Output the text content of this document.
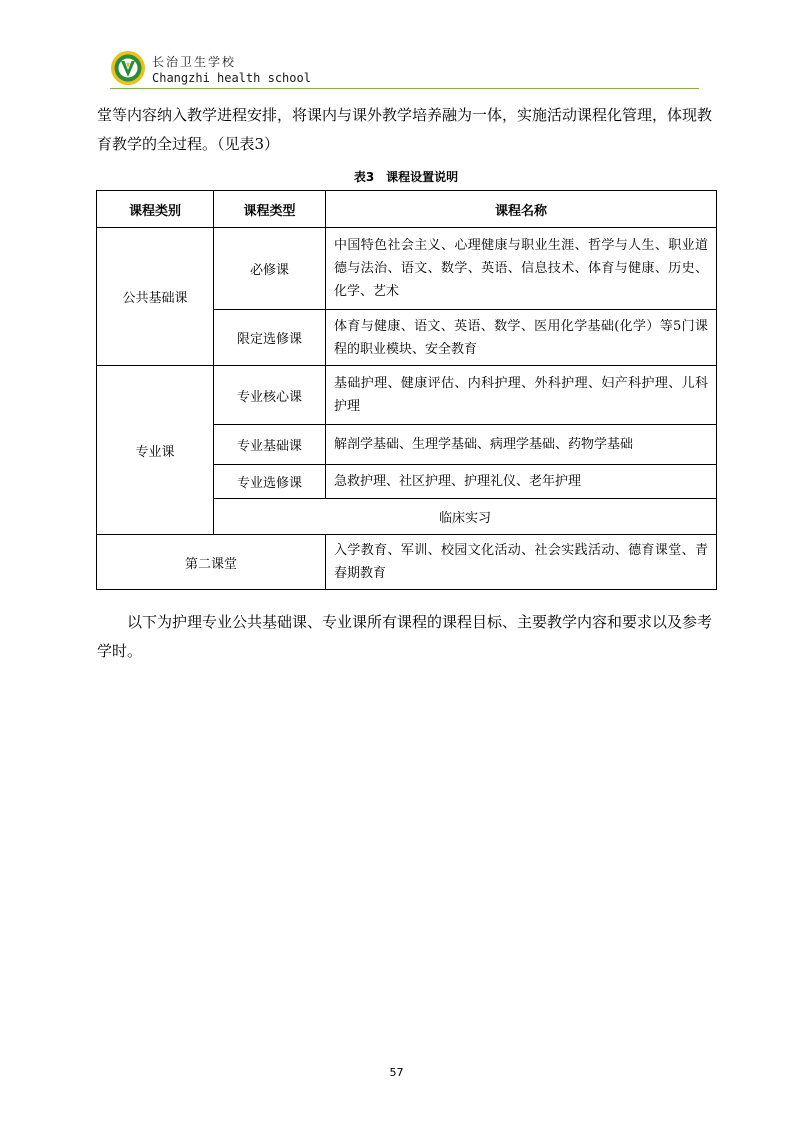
长治卫生学校
Changzhi health school

堂等内容纳入教学进程安排，将课内与课外教学培养融为一体，实施活动课程化管理，体现教育教学的全过程。（见表3）

表3　课程设置说明
课程类别	课程类型	课程名称
公共基础课	必修课	中国特色社会主义、心理健康与职业生涯、哲学与人生、职业道德与法治、语文、数学、英语、信息技术、体育与健康、历史、化学、艺术
	限定选修课	体育与健康、语文、英语、数学、医用化学基础(化学）等5门课程的职业模块、安全教育
专业课	专业核心课	基础护理、健康评估、内科护理、外科护理、妇产科护理、儿科护理
	专业基础课	解剖学基础、生理学基础、病理学基础、药物学基础
	专业选修课	急救护理、社区护理、护理礼仪、老年护理
	临床实习	
第二课堂		入学教育、军训、校园文化活动、社会实践活动、德育课堂、青春期教育

以下为护理专业公共基础课、专业课所有课程的课程目标、主要教学内容和要求以及参考学时。

57
